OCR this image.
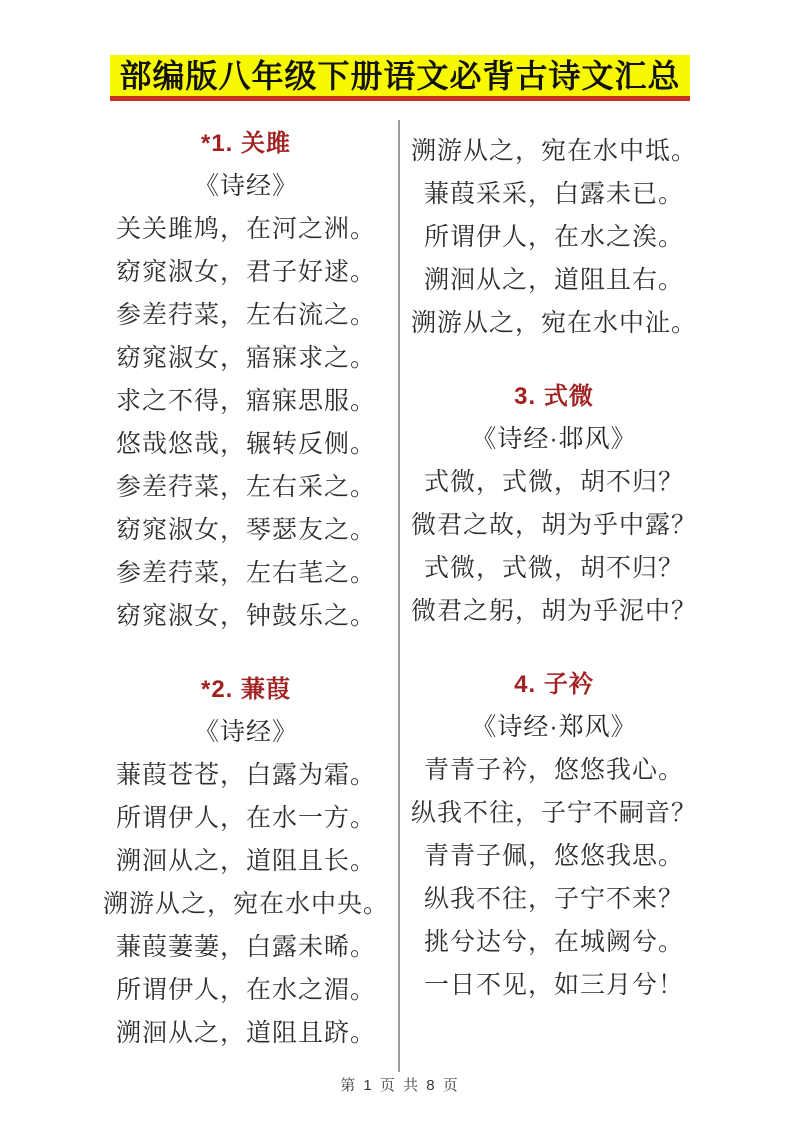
部编版八年级下册语文必背古诗文汇总
*1. 关雎
《诗经》
关关雎鸠，在河之洲。
窈窕淑女，君子好逑。
参差荇菜，左右流之。
窈窕淑女，寤寐求之。
求之不得，寤寐思服。
悠哉悠哉，辗转反侧。
参差荇菜，左右采之。
窈窕淑女，琴瑟友之。
参差荇菜，左右芼之。
窈窕淑女，钟鼓乐之。
*2. 蒹葭
《诗经》
蒹葭苍苍，白露为霜。
所谓伊人，在水一方。
溯洄从之，道阻且长。
溯游从之，宛在水中央。
蒹葭萋萋，白露未晞。
所谓伊人，在水之湄。
溯洄从之，道阻且跻。
溯游从之，宛在水中坻。
蒹葭采采，白露未已。
所谓伊人，在水之涘。
溯洄从之，道阻且右。
溯游从之，宛在水中沚。
3. 式微
《诗经·邶风》
式微，式微，胡不归？
微君之故，胡为乎中露？
式微，式微，胡不归？
微君之躬，胡为乎泥中？
4. 子衿
《诗经·郑风》
青青子衿，悠悠我心。
纵我不往，子宁不嗣音？
青青子佩，悠悠我思。
纵我不往，子宁不来？
挑兮达兮，在城阙兮。
一日不见，如三月兮！
第 1 页 共 8 页
